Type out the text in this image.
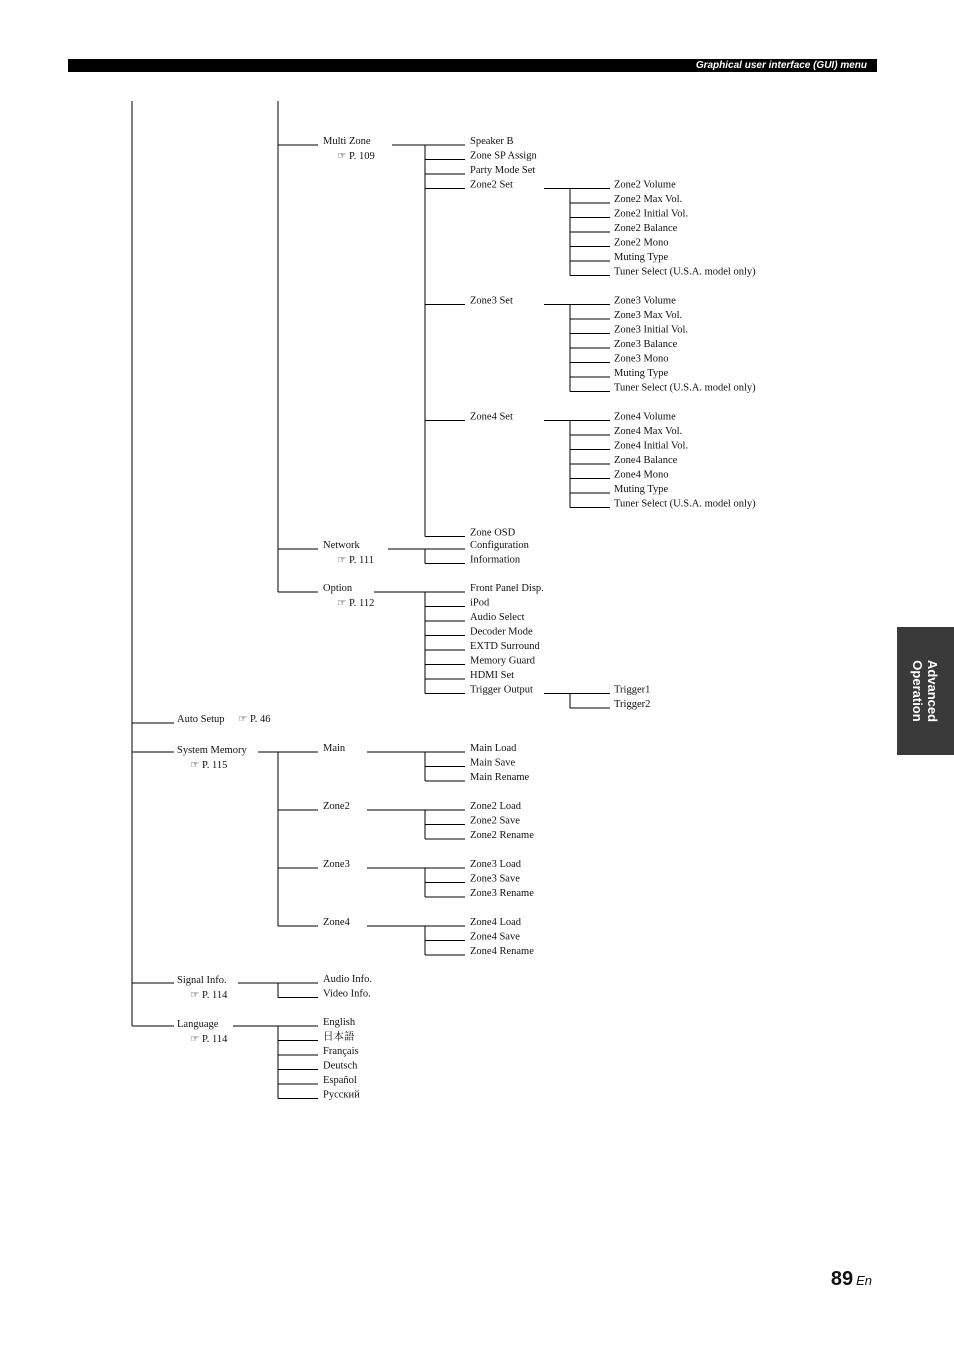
Graphical user interface (GUI) menu
Advanced
Operation
Multi Zone
☞ P. 109
Speaker B
Zone SP Assign
Party Mode Set
Zone2 Set	Zone2 Volume
Zone2 Max Vol.
Zone2 Initial Vol.
Zone2 Balance
Zone2 Mono
Muting Type
Tuner Select (U.S.A. model only)
Zone3 Set	Zone3 Volume
Zone3 Max Vol.
Zone3 Initial Vol.
Zone3 Balance
Zone3 Mono
Muting Type
Tuner Select (U.S.A. model only)
Zone4 Set	Zone4 Volume
Zone4 Max Vol.
Zone4 Initial Vol.
Zone4 Balance
Zone4 Mono
Muting Type
Tuner Select (U.S.A. model only)
Zone OSD
Network
☞ P. 111
Configuration
Information
Option
☞ P. 112
Front Panel Disp.
iPod
Audio Select
Decoder Mode
EXTD Surround
Memory Guard
HDMI Set
Trigger Output	Trigger1
Trigger2
Auto Setup ☞ P. 46
System Memory
☞ P. 115
Main	Main Load
Main Save
Main Rename
Zone2	Zone2 Load
Zone2 Save
Zone2 Rename
Zone3	Zone3 Load
Zone3 Save
Zone3 Rename
Zone4	Zone4 Load
Zone4 Save
Zone4 Rename
Signal Info.
☞ P. 114
Audio Info.
Video Info.
Language
☞ P. 114
English
日本語
Français
Deutsch
Español
Русский
89 En
